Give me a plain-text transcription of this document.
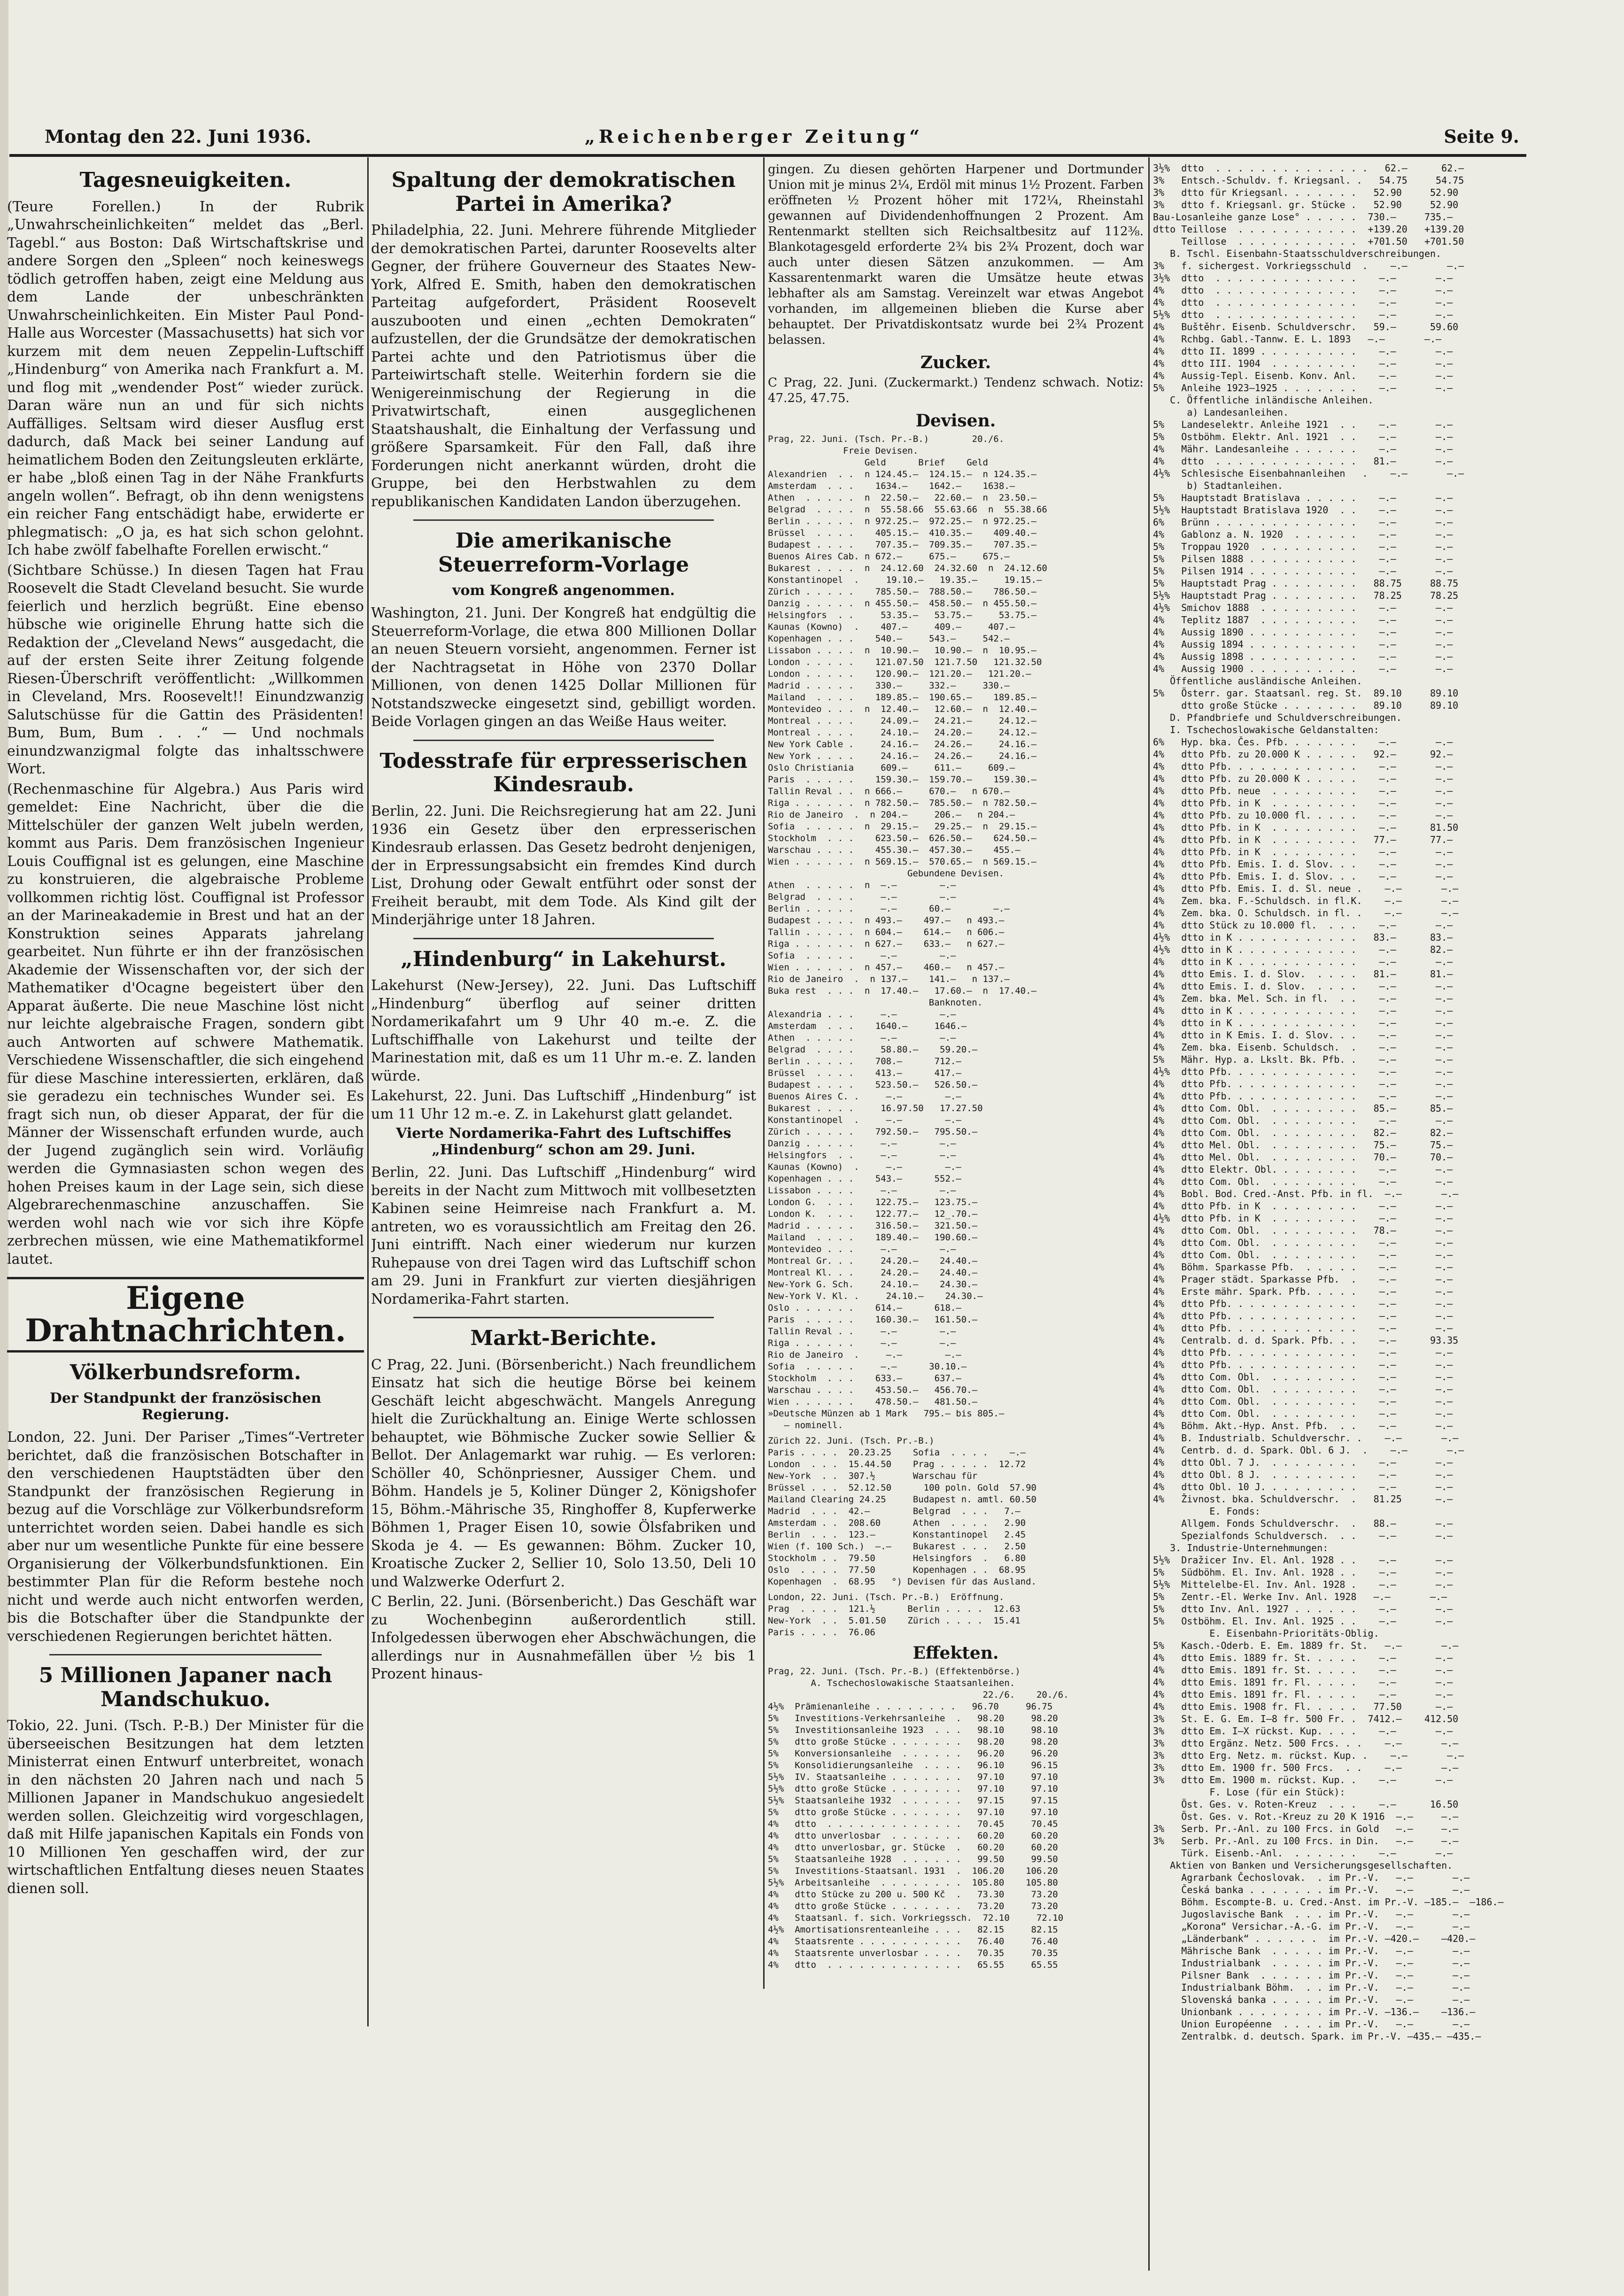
Montag den 22. Juni 1936.	„Reichenberger Zeitung“	Seite 9.
Tagesneuigkeiten.

(Teure Forellen.) In der Rubrik „Unwahrscheinlichkeiten“ meldet das „Berl. Tagebl.“ aus Boston: Daß Wirtschaftskrise und andere Sorgen den „Spleen“ noch keineswegs tödlich getroffen haben, zeigt eine Meldung aus dem Lande der unbeschränkten Unwahrscheinlichkeiten. Ein Mister Paul Pond-Halle aus Worcester (Massachusetts) hat sich vor kurzem mit dem neuen Zeppelin-Luftschiff „Hindenburg“ von Amerika nach Frankfurt a. M. und flog mit „wendender Post“ wieder zurück. Daran wäre nun an und für sich nichts Auffälliges. Seltsam wird dieser Ausflug erst dadurch, daß Mack bei seiner Landung auf heimatlichem Boden den Zeitungsleuten erklärte, er habe „bloß einen Tag in der Nähe Frankfurts angeln wollen“. Befragt, ob ihn denn wenigstens ein reicher Fang entschädigt habe, erwiderte er phlegmatisch: „O ja, es hat sich schon gelohnt. Ich habe zwölf fabelhafte Forellen erwischt.“

(Sichtbare Schüsse.) In diesen Tagen hat Frau Roosevelt die Stadt Cleveland besucht. Sie wurde feierlich und herzlich begrüßt. Eine ebenso hübsche wie originelle Ehrung hatte sich die Redaktion der „Cleveland News“ ausgedacht, die auf der ersten Seite ihrer Zeitung folgende Riesen-Überschrift veröffentlicht: „Willkommen in Cleveland, Mrs. Roosevelt!! Einundzwanzig Salutschüsse für die Gattin des Präsidenten! Bum, Bum, Bum . . .“ — Und nochmals einundzwanzigmal folgte das inhaltsschwere Wort.

(Rechenmaschine für Algebra.) Aus Paris wird gemeldet: Eine Nachricht, über die die Mittelschüler der ganzen Welt jubeln werden, kommt aus Paris. Dem französischen Ingenieur Louis Couffignal ist es gelungen, eine Maschine zu konstruieren, die algebraische Probleme vollkommen richtig löst. Couffignal ist Professor an der Marineakademie in Brest und hat an der Konstruktion seines Apparats jahrelang gearbeitet. Nun führte er ihn der französischen Akademie der Wissenschaften vor, der sich der Mathematiker d'Ocagne begeistert über den Apparat äußerte. Die neue Maschine löst nicht nur leichte algebraische Fragen, sondern gibt auch Antworten auf schwere Mathematik. Verschiedene Wissenschaftler, die sich eingehend für diese Maschine interessierten, erklären, daß sie geradezu ein technisches Wunder sei. Es fragt sich nun, ob dieser Apparat, der für die Männer der Wissenschaft erfunden wurde, auch der Jugend zugänglich sein wird. Vorläufig werden die Gymnasiasten schon wegen des hohen Preises kaum in der Lage sein, sich diese Algebrarechenmaschine anzuschaffen. Sie werden wohl nach wie vor sich ihre Köpfe zerbrechen müssen, wie eine Mathematikformel lautet.

Eigene Drahtnachrichten.
Völkerbundsreform.
Der Standpunkt der französischen Regierung.

London, 22. Juni. Der Pariser „Times“-Vertreter berichtet, daß die französischen Botschafter in den verschiedenen Hauptstädten über den Standpunkt der französischen Regierung in bezug auf die Vorschläge zur Völkerbundsreform unterrichtet worden seien. Dabei handle es sich aber nur um wesentliche Punkte für eine bessere Organisierung der Völkerbundsfunktionen. Ein bestimmter Plan für die Reform bestehe noch nicht und werde auch nicht entworfen werden, bis die Botschafter über die Standpunkte der verschiedenen Regierungen berichtet hätten.

5 Millionen Japaner nach Mandschukuo.

Tokio, 22. Juni. (Tsch. P.-B.) Der Minister für die überseeischen Besitzungen hat dem letzten Ministerrat einen Entwurf unterbreitet, wonach in den nächsten 20 Jahren nach und nach 5 Millionen Japaner in Mandschukuo angesiedelt werden sollen. Gleichzeitig wird vorgeschlagen, daß mit Hilfe japanischen Kapitals ein Fonds von 10 Millionen Yen geschaffen wird, der zur wirtschaftlichen Entfaltung dieses neuen Staates dienen soll.

Spaltung der demokratischen Partei in Amerika?

Philadelphia, 22. Juni. Mehrere führende Mitglieder der demokratischen Partei, darunter Roosevelts alter Gegner, der frühere Gouverneur des Staates New-York, Alfred E. Smith, haben den demokratischen Parteitag aufgefordert, Präsident Roosevelt auszubooten und einen „echten Demokraten“ aufzustellen, der die Grundsätze der demokratischen Partei achte und den Patriotismus über die Parteiwirtschaft stelle. Weiterhin fordern sie die Wenigereinmischung der Regierung in die Privatwirtschaft, einen ausgeglichenen Staatshaushalt, die Einhaltung der Verfassung und größere Sparsamkeit. Für den Fall, daß ihre Forderungen nicht anerkannt würden, droht die Gruppe, bei den Herbstwahlen zu dem republikanischen Kandidaten Landon überzugehen.

Die amerikanische Steuerreform-Vorlage
vom Kongreß angenommen.

Washington, 21. Juni. Der Kongreß hat endgültig die Steuerreform-Vorlage, die etwa 800 Millionen Dollar an neuen Steuern vorsieht, angenommen. Ferner ist der Nachtragsetat in Höhe von 2370 Dollar Millionen, von denen 1425 Dollar Millionen für Notstandszwecke eingesetzt sind, gebilligt worden. Beide Vorlagen gingen an das Weiße Haus weiter.

Todesstrafe für erpresserischen Kindesraub.

Berlin, 22. Juni. Die Reichsregierung hat am 22. Juni 1936 ein Gesetz über den erpresserischen Kindesraub erlassen. Das Gesetz bedroht denjenigen, der in Erpressungsabsicht ein fremdes Kind durch List, Drohung oder Gewalt entführt oder sonst der Freiheit beraubt, mit dem Tode. Als Kind gilt der Minderjährige unter 18 Jahren.

„Hindenburg“ in Lakehurst.

Lakehurst (New-Jersey), 22. Juni. Das Luftschiff „Hindenburg“ überflog auf seiner dritten Nordamerikafahrt um 9 Uhr 40 m.-e. Z. die Luftschiffhalle von Lakehurst und teilte der Marinestation mit, daß es um 11 Uhr m.-e. Z. landen würde.

Lakehurst, 22. Juni. Das Luftschiff „Hindenburg“ ist um 11 Uhr 12 m.-e. Z. in Lakehurst glatt gelandet.

Vierte Nordamerika-Fahrt des Luftschiffes „Hindenburg“ schon am 29. Juni.

Berlin, 22. Juni. Das Luftschiff „Hindenburg“ wird bereits in der Nacht zum Mittwoch mit vollbesetzten Kabinen seine Heimreise nach Frankfurt a. M. antreten, wo es voraussichtlich am Freitag den 26. Juni eintrifft. Nach einer wiederum nur kurzen Ruhepause von drei Tagen wird das Luftschiff schon am 29. Juni in Frankfurt zur vierten diesjährigen Nordamerika-Fahrt starten.

Markt-Berichte.

C Prag, 22. Juni. (Börsenbericht.) Nach freundlichem Einsatz hat sich die heutige Börse bei keinem Geschäft leicht abgeschwächt. Mangels Anregung hielt die Zurückhaltung an. Einige Werte schlossen behauptet, wie Böhmische Zucker sowie Sellier & Bellot. Der Anlagemarkt war ruhig. — Es verloren: Schöller 40, Schönpriesner, Aussiger Chem. und Böhm. Handels je 5, Koliner Dünger 2, Königshofer 15, Böhm.-Mährische 35, Ringhoffer 8, Kupferwerke Böhmen 1, Prager Eisen 10, sowie Ölsfabriken und Skoda je 4. — Es gewannen: Böhm. Zucker 10, Kroatische Zucker 2, Sellier 10, Solo 13.50, Deli 10 und Walzwerke Oderfurt 2.

C Berlin, 22. Juni. (Börsenbericht.) Das Geschäft war zu Wochenbeginn außerordentlich still. Infolgedessen überwogen eher Abschwächungen, die allerdings nur in Ausnahmefällen über ½ bis 1 Prozent hinaus-

gingen. Zu diesen gehörten Harpener und Dortmunder Union mit je minus 2¼, Erdöl mit minus 1½ Prozent. Farben eröffneten ½ Prozent höher mit 172¼, Rheinstahl gewannen auf Dividendenhoffnungen 2 Prozent. Am Rentenmarkt stellten sich Reichsaltbesitz auf 112⅜. Blankotagesgeld erforderte 2¾ bis 2¾ Prozent, doch war auch unter diesen Sätzen anzukommen. — Am Kassarentenmarkt waren die Umsätze heute etwas lebhafter als am Samstag. Vereinzelt war etwas Angebot vorhanden, im allgemeinen blieben die Kurse aber behauptet. Der Privatdiskontsatz wurde bei 2¾ Prozent belassen.

Zucker.

C Prag, 22. Juni. (Zuckermarkt.) Tendenz schwach. Notiz: 47.25, 47.75.

Devisen.
Prag, 22. Juni. (Tsch. Pr.-B.)        20./6.
Freie Devisen.
Geld      Brief    Geld
Alexandrien  . .  n 124.45.—  124.15.—  n 124.35.—
Amsterdam  . . .    1634.—    1642.—    1638.—
Athen  . . . . .  n  22.50.—   22.60.—  n  23.50.—
Belgrad  . . . .  n  55.58.66  55.63.66  n  55.38.66
Berlin . . . . .  n 972.25.—  972.25.—  n 972.25.—
Brüssel  . . . .    405.15.—  410.35.—    409.40.—
Budapest . . . .    707.35.—  709.35.—    707.35.—
Buenos Aires Cab. n 672.—     675.—     675.—
Bukarest . . . .  n  24.12.60  24.32.60  n  24.12.60
Konstantinopel  .     19.10.—   19.35.—     19.15.—
Zürich . . . . .    785.50.—  788.50.—    786.50.—
Danzig . . . . .  n 455.50.—  458.50.—  n 455.50.—
Helsingfors  . .     53.35.—   53.75.—     53.75.—
Kaunas (Kowno)  .    407.—     409.—     407.—
Kopenhagen . . .    540.—     543.—     542.—
Lissabon . . . .  n  10.90.—   10.90.—  n  10.95.—
London . . . . .    121.07.50  121.7.50   121.32.50
London . . . . .    120.90.—  121.20.—   121.20.—
Madrid . . . . .    330.—     332.—     330.—
Mailand  . . . .    189.85.—  190.65.—    189.85.—
Montevideo . . .  n  12.40.—   12.60.—  n  12.40.—
Montreal . . . .     24.09.—   24.21.—     24.12.—
Montreal . . . .     24.10.—   24.20.—     24.12.—
New York Cable .     24.16.—   24.26.—     24.16.—
New York . . . .     24.16.—   24.26.—     24.16.—
Oslo Christiania     609.—     611.—     609.—
Paris  . . . . .    159.30.—  159.70.—    159.30.—
Tallin Reval . .  n 666.—     670.—   n 670.—
Riga . . . . . .  n 782.50.—  785.50.—  n 782.50.—
Rio de Janeiro  .  n 204.—     206.—   n 204.—
Sofia  . . . . .  n  29.15.—   29.25.—  n  29.15.—
Stockholm  . . .    623.50.—  626.50.—    624.50.—
Warschau . . . .    455.30.—  457.30.—    455.—
Wien . . . . . .  n 569.15.—  570.65.—  n 569.15.—
Gebundene Devisen.
Athen  . . . . .  n  —.—        —.—
Belgrad  . . . .     —.—        —.—
Berlin . . . . .     —.—      60.—        —.—
Budapest . . . .  n 493.—    497.—   n 493.—
Tallin . . . . .  n 604.—    614.—   n 606.—
Riga . . . . . .  n 627.—    633.—   n 627.—
Sofia  . . . . .     —.—        —.—
Wien . . . . . .  n 457.—    460.—   n 457.—
Rio de Janeiro  .  n 137.—    141.—   n 137.—
Buka rest  . . .  n  17.40.—   17.60.—  n  17.40.—
Banknoten.
Alexandria . . .     —.—        —.—
Amsterdam  . . .    1640.—     1646.—
Athen  . . . . .     —.—        —.—
Belgrad  . . . .     58.80.—    59.20.—
Berlin . . . . .    708.—      712.—
Brüssel  . . . .    413.—      417.—
Budapest . . . .    523.50.—   526.50.—
Buenos Aires C. .     —.—        —.—
Bukarest . . . .     16.97.50   17.27.50
Konstantinopel  .     —.—        —.—
Zürich . . . . .    792.50.—   795.50.—
Danzig . . . . .     —.—        —.—
Helsingfors  . .     —.—        —.—
Kaunas (Kowno)  .     —.—        —.—
Kopenhagen . . .    543.—      552.—
Lissabon . . . .     —.—        —.—
London G.  . . .    122.75.—   123.75.—
London K.  . . .    122.77.—   12_.70.—
Madrid . . . . .    316.50.—   321.50.—
Mailand  . . . .    189.40.—   190.60.—
Montevideo . . .     —.—        —.—
Montreal Gr. . .     24.20.—    24.40.—
Montreal Kl. . .     24.20.—    24.40.—
New-York G. Sch.     24.10.—    24.30.—
New-York V. Kl. .     24.10.—    24.30.—
Oslo . . . . . .    614.—      618.—
Paris  . . . . .    160.30.—   161.50.—
Tallin Reval . .     —.—        —.—
Riga . . . . . .     —.—        —.—
Rio de Janeiro  .     —.—        —.—
Sofia  . . . . .     —.—      30.10.—
Stockholm  . . .    633.—      637.—
Warschau . . . .    453.50.—   456.70.—
Wien . . . . . .    478.50.—   481.50.—
»Deutsche Münzen ab 1 Mark   795.— bis 805.—
— nominell.
Zürich 22. Juni. (Tsch. Pr.-B.)
Paris . . . .  20.23.25    Sofia  . . . .    —.—
London  . . .  15.44.50    Prag . . . . .  12.72
New-York  . .  307.½       Warschau für
Brüssel . . .  52.12.50      100 poln. Gold  57.90
Mailand Clearing 24.25     Budapest n. amtl. 60.50
Madrid  . . .  42.—        Belgrad  . . .   7.—
Amsterdam . .  208.60      Athen  . . . .   2.90
Berlin  . . .  123.—       Konstantinopel   2.45
Wien (f. 100 Sch.)  —.—    Bukarest . . .   2.50
Stockholm . .  79.50       Helsingfors  .   6.80
Oslo  . . . .  77.50       Kopenhagen . .  68.95
Kopenhagen  .  68.95   °) Devisen für das Ausland.
London, 22. Juni. (Tsch. Pr.-B.)  Eröffnung.
Prag  . . . .  121.½      Berlin . . . .  12.63
New-York  . .  5.01.50    Zürich . . . .  15.41
Paris . . . .  76.06
Effekten.
Prag, 22. Juni. (Tsch. Pr.-B.) (Effektenbörse.)
A. Tschechoslowakische Staatsanleihen.
22./6.    20./6.
4½%  Prämienanleihe . . . . . . . .   96.70     96.75
5%   Investitions-Verkehrsanleihe  .   98.20     98.20
5%   Investitionsanleihe 1923  . . .   98.10     98.10
5%   dtto große Stücke . . . . . . .   98.20     98.20
5%   Konversionsanleihe  . . . . . .   96.20     96.20
5%   Konsolidierungsanleihe  . . . .   96.10     96.15
5½%  IV. Staatsanleihe . . . . . . .   97.10     97.10
5½%  dtto große Stücke . . . . . . .   97.10     97.10
5½%  Staatsanleihe 1932  . . . . . .   97.15     97.15
5%   dtto große Stücke . . . . . . .   97.10     97.10
4%   dtto  . . . . . . . . . . . . .   70.45     70.45
4%   dtto unverlosbar  . . . . . . .   60.20     60.20
4%   dtto unverlosbar, gr. Stücke  .   60.20     60.20
5%   Staatsanleihe 1928  . . . . . .   99.50     99.50
5%   Investitions-Staatsanl. 1931  .  106.20    106.20
5½%  Arbeitsanleihe  . . . . . . . .  105.80    105.80
4%   dtto Stücke zu 200 u. 500 Kč  .   73.30     73.20
4%   dtto große Stücke . . . . . . .   73.20     73.20
4%   Staatsanl. f. sich. Vorkriegssch.  72.10     72.10
4½%  Amortisationsrenteanleihe . . .   82.15     82.15
4%   Staatsrente . . . . . . . . . .   76.40     76.40
4%   Staatsrente unverlosbar . . . .   70.35     70.35
4%   dtto  . . . . . . . . . . . . .   65.55     65.55
3½%  dtto  . . . . . . . . . . . . . .   62.—      62.—
3%   Entsch.-Schuldv. f. Kriegsanl. .   54.75     54.75
3%   dtto für Kriegsanl. . . . . . .   52.90     52.90
3%   dtto f. Kriegsanl. gr. Stücke .   52.90     52.90
Bau-Losanleihe ganze Lose° . . . . .  730.—     735.—
dtto Teillose  . . . . . . . . . . .  +139.20   +139.20
Teillose  . . . . . . . . . . .  +701.50   +701.50
B. Tschl. Eisenbahn-Staatsschuldverschreibungen.
3%   f. sichergest. Vorkriegsschuld  .    —.—       —.—
3½%  dtto  . . . . . . . . . . . . .    —.—       —.—
4%   dtto  . . . . . . . . . . . . .    —.—       —.—
4%   dtto  . . . . . . . . . . . . .    —.—       —.—
5½%  dtto  . . . . . . . . . . . . .    —.—       —.—
4%   Buštěhr. Eisenb. Schuldverschr.   59.—      59.60
4%   Rchbg. Gabl.-Tannw. E. L. 1893   —.—       —.—
4%   dtto II. 1899 . . . . . . . . .    —.—       —.—
4%   dtto III. 1904  . . . . . . . .    —.—       —.—
4%   Aussig-Tepl. Eisenb. Konv. Anl.    —.—       —.—
5%   Anleihe 1923—1925 . . . . . . .    —.—       —.—
C. Öffentliche inländische Anleihen.
a) Landesanleihen.
5%   Landeselektr. Anleihe 1921  . .    —.—       —.—
5%   Ostböhm. Elektr. Anl. 1921  . .    —.—       —.—
4%   Mähr. Landesanleihe . . . . . .    —.—       —.—
4%   dtto  . . . . . . . . . . . . .   81.—       —.—
4½%  Schlesische Eisenbahnanleihen   .    —.—       —.—
b) Stadtanleihen.
5%   Hauptstadt Bratislava . . . . .    —.—       —.—
5½%  Hauptstadt Bratislava 1920  . .    —.—       —.—
6%   Brünn . . . . . . . . . . . . .    —.—       —.—
4%   Gablonz a. N. 1920  . . . . . .    —.—       —.—
5%   Troppau 1920  . . . . . . . . .    —.—       —.—
5%   Pilsen 1888 . . . . . . . . . .    —.—       —.—
5%   Pilsen 1914 . . . . . . . . . .    —.—       —.—
5%   Hauptstadt Prag . . . . . . . .   88.75     88.75
5½%  Hauptstadt Prag . . . . . . . .   78.25     78.25
4½%  Smichov 1888  . . . . . . . . .    —.—       —.—
4%   Teplitz 1887  . . . . . . . . .    —.—       —.—
4%   Aussig 1890 . . . . . . . . . .    —.—       —.—
4%   Aussig 1894 . . . . . . . . . .    —.—       —.—
4%   Aussig 1898 . . . . . . . . . .    —.—       —.—
4%   Aussig 1900 . . . . . . . . . .    —.—       —.—
Öffentliche ausländische Anleihen.
5%   Österr. gar. Staatsanl. reg. St.  89.10     89.10
dtto große Stücke . . . . . . .   89.10     89.10
D. Pfandbriefe und Schuldverschreibungen.
I. Tschechoslowakische Geldanstalten:
6%   Hyp. bka. Čes. Pfb. . . . . . .    —.—       —.—
4%   dtto Pfb. zu 20.000 K . . . . .   92.—      92.—
4%   dtto Pfb. . . . . . . . . . . .    —.—       —.—
4%   dtto Pfb. zu 20.000 K . . . . .    —.—       —.—
4%   dtto Pfb. neue  . . . . . . . .    —.—       —.—
4%   dtto Pfb. in K  . . . . . . . .    —.—       —.—
4%   dtto Pfb. zu 10.000 fl. . . . .    —.—       —.—
4%   dtto Pfb. in K  . . . . . . . .    —.—      81.50
4%   dtto Pfb. in K  . . . . . . . .   77.—      77.—
4%   dtto Pfb. in K  . . . . . . . .    —.—       —.—
4%   dtto Pfb. Emis. I. d. Slov. . .    —.—       —.—
4%   dtto Pfb. Emis. I. d. Slov. . .    —.—       —.—
4%   dtto Pfb. Emis. I. d. Sl. neue .    —.—       —.—
4%   Zem. bka. F.-Schuldsch. in fl.K.    —.—       —.—
4%   Zem. bka. O. Schuldsch. in fl. .    —.—       —.—
4%   dtto Stück zu 10.000 fl.  . . .    —.—       —.—
4½%  dtto in K . . . . . . . . . . .   83.—      83.—
4½%  dtto in K . . . . . . . . . . .    —.—      82.—
4%   dtto in K . . . . . . . . . . .    —.—       —.—
4%   dtto Emis. I. d. Slov.  . . . .   81.—      81.—
4%   dtto Emis. I. d. Slov.  . . . .    —.—       —.—
4%   Zem. bka. Mel. Sch. in fl.  . .    —.—       —.—
4%   dtto in K . . . . . . . . . . .    —.—       —.—
4%   dtto in K . . . . . . . . . . .    —.—       —.—
4%   dtto in K Emis. I. d. Slov. . .    —.—       —.—
4%   Zem. bka. Eisenb. Schuldsch.  .    —.—       —.—
5%   Mähr. Hyp. a. Lkslt. Bk. Pfb. .    —.—       —.—
4½%  dtto Pfb. . . . . . . . . . . .    —.—       —.—
4%   dtto Pfb. . . . . . . . . . . .    —.—       —.—
4%   dtto Pfb. . . . . . . . . . . .    —.—       —.—
4%   dtto Com. Obl.  . . . . . . . .   85.—      85.—
4%   dtto Com. Obl.  . . . . . . . .    —.—       —.—
4%   dtto Com. Obl.  . . . . . . . .   82.—      82.—
4%   dtto Mel. Obl.  . . . . . . . .   75.—      75.—
4%   dtto Mel. Obl.  . . . . . . . .   70.—      70.—
4%   dtto Elektr. Obl. . . . . . . .    —.—       —.—
4%   dtto Com. Obl.  . . . . . . . .    —.—       —.—
4%   Bobl. Bod. Cred.-Anst. Pfb. in fl.  —.—       —.—
4%   dtto Pfb. in K  . . . . . . . .    —.—       —.—
4½%  dtto Pfb. in K  . . . . . . . .    —.—       —.—
4%   dtto Com. Obl.  . . . . . . . .   78.—       —.—
4%   dtto Com. Obl.  . . . . . . . .    —.—       —.—
4%   dtto Com. Obl.  . . . . . . . .    —.—       —.—
4%   Böhm. Sparkasse Pfb.  . . . . .    —.—       —.—
4%   Prager städt. Sparkasse Pfb.  .    —.—       —.—
4%   Erste mähr. Spark. Pfb. . . . .    —.—       —.—
4%   dtto Pfb. . . . . . . . . . . .    —.—       —.—
4%   dtto Pfb. . . . . . . . . . . .    —.—       —.—
4%   dtto Pfb. . . . . . . . . . . .    —.—       —.—
4%   Centralb. d. d. Spark. Pfb. . .    —.—      93.35
4%   dtto Pfb. . . . . . . . . . . .    —.—       —.—
4%   dtto Pfb. . . . . . . . . . . .    —.—       —.—
4%   dtto Com. Obl.  . . . . . . . .    —.—       —.—
4%   dtto Com. Obl.  . . . . . . . .    —.—       —.—
4%   dtto Com. Obl.  . . . . . . . .    —.—       —.—
4%   dtto Com. Obl.  . . . . . . . .    —.—       —.—
4%   Böhm. Akt.-Hyp. Anst. Pfb.  . .    —.—       —.—
4%   B. Industrialb. Schuldverschr. .    —.—       —.—
4%   Centrb. d. d. Spark. Obl. 6 J.  .    —.—       —.—
4%   dtto Obl. 7 J.  . . . . . . . .    —.—       —.—
4%   dtto Obl. 8 J.  . . . . . . . .    —.—       —.—
4%   dtto Obl. 10 J. . . . . . . . .    —.—       —.—
4%   Živnost. bka. Schuldverschr.  .   81.25      —.—
E. Fonds:
Allgem. Fonds Schuldverschr.  .   88.—       —.—
Spezialfonds Schuldversch.  . .    —.—       —.—
3. Industrie-Unternehmungen:
5½%  Dražicer Inv. El. Anl. 1928 . .    —.—       —.—
5%   Südböhm. El. Inv. Anl. 1928 . .    —.—       —.—
5½%  Mittelelbe-El. Inv. Anl. 1928 .    —.—       —.—
5%   Zentr.-El. Werke Inv. Anl. 1928   —.—       —.—
5%   dtto Inv. Anl. 1927 . . . . . .    —.—       —.—
5%   Ostböhm. El. Inv. Anl. 1925 . .    —.—       —.—
E. Eisenbahn-Prioritäts-Oblig.
5%   Kasch.-Oderb. E. Em. 1889 fr. St.   —.—       —.—
4%   dtto Emis. 1889 fr. St. . . . .    —.—       —.—
4%   dtto Emis. 1891 fr. St. . . . .    —.—       —.—
4%   dtto Emis. 1891 fr. Fl. . . . .    —.—       —.—
4%   dtto Emis. 1891 fr. Fl. . . . .    —.—       —.—
4%   dtto Emis. 1908 fr. Fl. . . . .   77.50      —.—
3%   St. E. G. Em. I—8 fr. 500 Fr. .  7412.—    412.50
3%   dtto Em. I—X rückst. Kup. . . .    —.—       —.—
3%   dtto Ergänz. Netz. 500 Frcs. . .    —.—       —.—
3%   dtto Erg. Netz. m. rückst. Kup. .    —.—       —.—
3%   dtto Em. 1900 fr. 500 Frcs.  . .    —.—       —.—
3%   dtto Em. 1900 m. rückst. Kup. .    —.—       —.—
F. Lose (für ein Stück):
Öst. Ges. v. Roten-Kreuz  . . .    —.—      16.50
Öst. Ges. v. Rot.-Kreuz zu 20 K 1916  —.—     —.—
3%   Serb. Pr.-Anl. zu 100 Frcs. in Gold   —.—     —.—
3%   Serb. Pr.-Anl. zu 100 Frcs. in Din.   —.—     —.—
Türk. Eisenb.-Anl.  . . . . . .    —.—       —.—
Aktien von Banken und Versicherungsgesellschaften.
Agrarbank Čechoslovak.  . im Pr.-V.   —.—       —.—
Česká banka . . . . . . . im Pr.-V.   —.—       —.—
Böhm. Escompte-B. u. Cred.-Anst. im Pr.-V. —185.—  —186.—
Jugoslavische Bank  . . . im Pr.-V.   —.—       —.—
„Korona“ Versichar.-A.-G. im Pr.-V.   —.—       —.—
„Länderbank“ . . . . . .  im Pr.-V. —420.—    —420.—
Mährische Bank  . . . . . im Pr.-V.   —.—       —.—
Industrialbank  . . . . . im Pr.-V.   —.—       —.—
Pilsner Bank  . . . . . . im Pr.-V.   —.—       —.—
Industrialbank Böhm.  . . im Pr.-V.   —.—       —.—
Slovenská banka . . . . . im Pr.-V.   —.—       —.—
Unionbank . . . . . . . . im Pr.-V. —136.—    —136.—
Union Européenne  . . . . im Pr.-V.   —.—       —.—
Zentralbk. d. deutsch. Spark. im Pr.-V. —435.— —435.—
